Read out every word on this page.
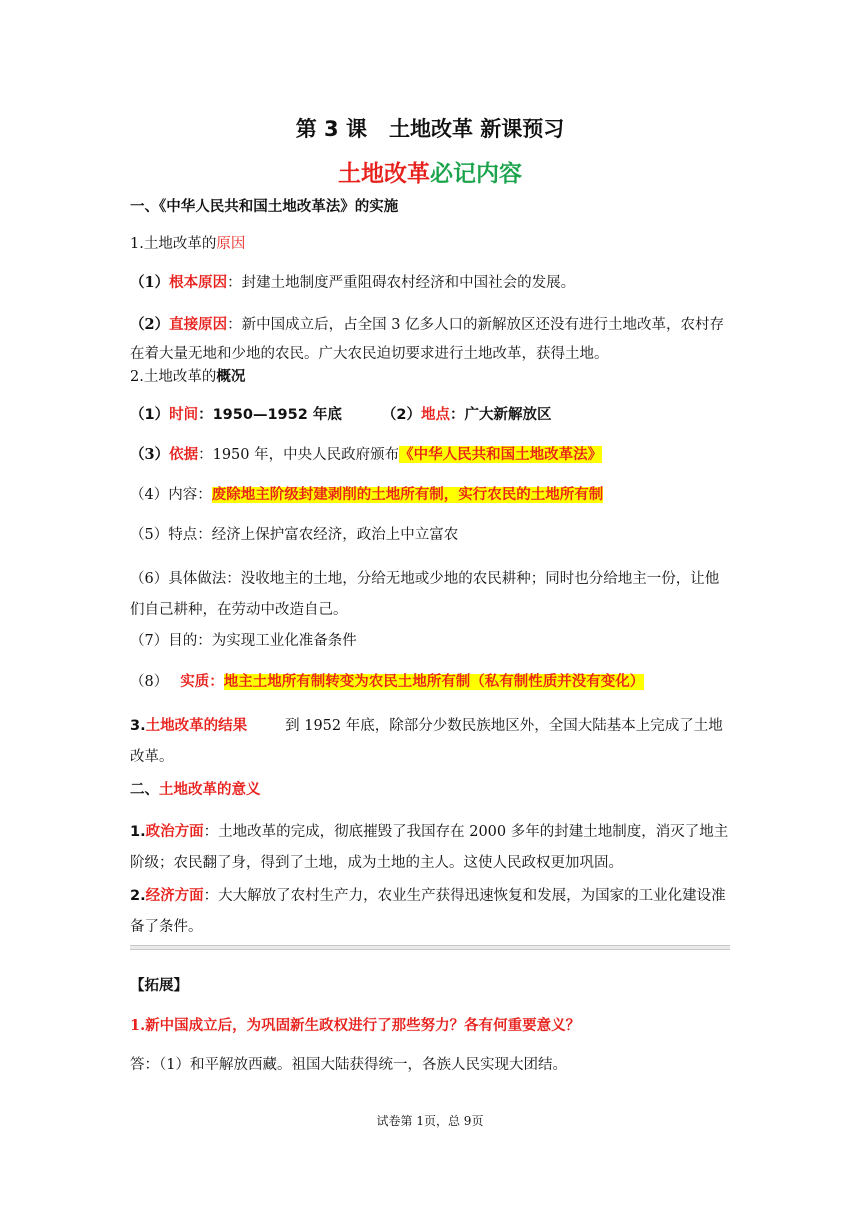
第 3 课 土地改革 新课预习
土地改革必记内容
一、《中华人民共和国土地改革法》的实施
1.土地改革的原因
（1）根本原因：封建土地制度严重阻碍农村经济和中国社会的发展。
（2）直接原因：新中国成立后，占全国 3 亿多人口的新解放区还没有进行土地改革，农村存在着大量无地和少地的农民。广大农民迫切要求进行土地改革，获得土地。
2.土地改革的概况
（1）时间：1950—1952 年底	（2）地点：广大新解放区
（3）依据：1950 年，中央人民政府颁布《中华人民共和国土地改革法》
（4）内容：废除地主阶级封建剥削的土地所有制，实行农民的土地所有制
（5）特点：经济上保护富农经济，政治上中立富农
（6）具体做法：没收地主的土地，分给无地或少地的农民耕种；同时也分给地主一份，让他们自己耕种，在劳动中改造自己。
（7）目的：为实现工业化准备条件
（8） 实质：地主土地所有制转变为农民土地所有制（私有制性质并没有变化）
3.土地改革的结果	到 1952 年底，除部分少数民族地区外，全国大陆基本上完成了土地改革。
二、土地改革的意义
1.政治方面：土地改革的完成，彻底摧毁了我国存在 2000 多年的封建土地制度，消灭了地主阶级；农民翻了身，得到了土地，成为土地的主人。这使人民政权更加巩固。
2.经济方面：大大解放了农村生产力，农业生产获得迅速恢复和发展，为国家的工业化建设准备了条件。
【拓展】
1.新中国成立后，为巩固新生政权进行了那些努力？各有何重要意义？
答：（1）和平解放西藏。祖国大陆获得统一，各族人民实现大团结。
试卷第 1页，总 9页
